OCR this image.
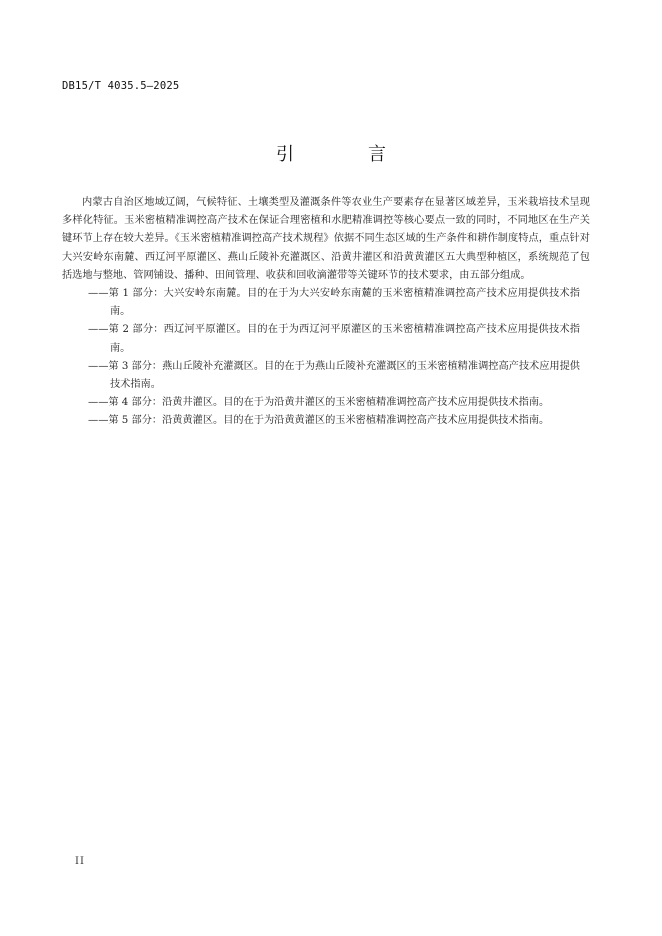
DB15/T 4035.5—2025
引　言

内蒙古自治区地域辽阔，气候特征、土壤类型及灌溉条件等农业生产要素存在显著区域差异，玉米栽培技术呈现多样化特征。玉米密植精准调控高产技术在保证合理密植和水肥精准调控等核心要点一致的同时，不同地区在生产关键环节上存在较大差异。《玉米密植精准调控高产技术规程》依据不同生态区域的生产条件和耕作制度特点，重点针对大兴安岭东南麓、西辽河平原灌区、燕山丘陵补充灌溉区、沿黄井灌区和沿黄黄灌区五大典型种植区，系统规范了包括选地与整地、管网铺设、播种、田间管理、收获和回收滴灌带等关键环节的技术要求，由五部分组成。

——第 1 部分：大兴安岭东南麓。目的在于为大兴安岭东南麓的玉米密植精准调控高产技术应用提供技术指南。
——第 2 部分：西辽河平原灌区。目的在于为西辽河平原灌区的玉米密植精准调控高产技术应用提供技术指南。
——第 3 部分：燕山丘陵补充灌溉区。目的在于为燕山丘陵补充灌溉区的玉米密植精准调控高产技术应用提供技术指南。
——第 4 部分：沿黄井灌区。目的在于为沿黄井灌区的玉米密植精准调控高产技术应用提供技术指南。
——第 5 部分：沿黄黄灌区。目的在于为沿黄黄灌区的玉米密植精准调控高产技术应用提供技术指南。
II
